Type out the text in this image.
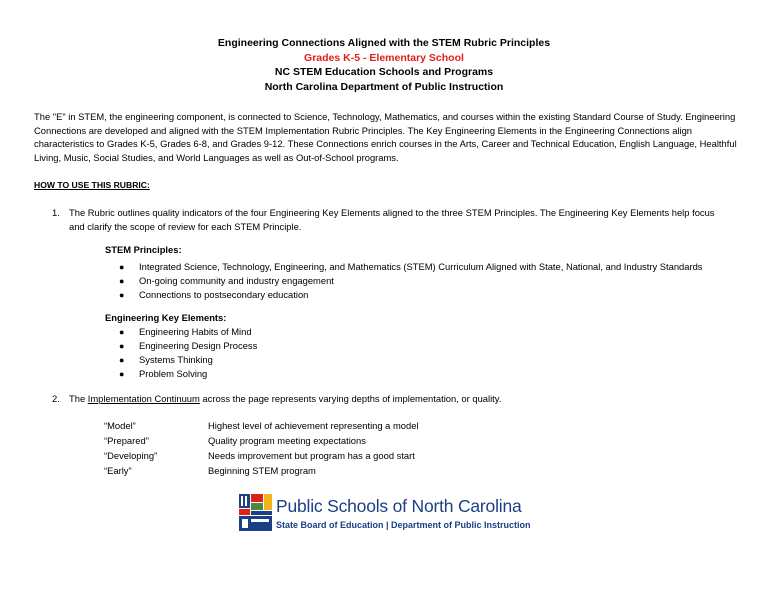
Engineering Connections Aligned with the STEM Rubric Principles
Grades K-5 - Elementary School
NC STEM Education Schools and Programs
North Carolina Department of Public Instruction
The "E" in STEM, the engineering component, is connected to Science, Technology, Mathematics, and courses within the existing Standard Course of Study. Engineering Connections are developed and aligned with the STEM Implementation Rubric Principles. The Key Engineering Elements in the Engineering Connections align characteristics to Grades K-5, Grades 6-8, and Grades 9-12. These Connections enrich courses in the Arts, Career and Technical Education, English Language, Healthful Living, Music, Social Studies, and World Languages as well as Out-of-School programs.
HOW TO USE THIS RUBRIC:
1. The Rubric outlines quality indicators of the four Engineering Key Elements aligned to the three STEM Principles. The Engineering Key Elements help focus and clarify the scope of review for each STEM Principle.
STEM Principles:
● Integrated Science, Technology, Engineering, and Mathematics (STEM) Curriculum Aligned with State, National, and Industry Standards
● On-going community and industry engagement
● Connections to postsecondary education
Engineering Key Elements:
● Engineering Habits of Mind
● Engineering Design Process
● Systems Thinking
● Problem Solving
2. The Implementation Continuum across the page represents varying depths of implementation, or quality.
“Model”	Highest level of achievement representing a model
“Prepared”	Quality program meeting expectations
“Developing”	Needs improvement but program has a good start
“Early”	Beginning STEM program
Public Schools of North Carolina
State Board of Education | Department of Public Instruction
